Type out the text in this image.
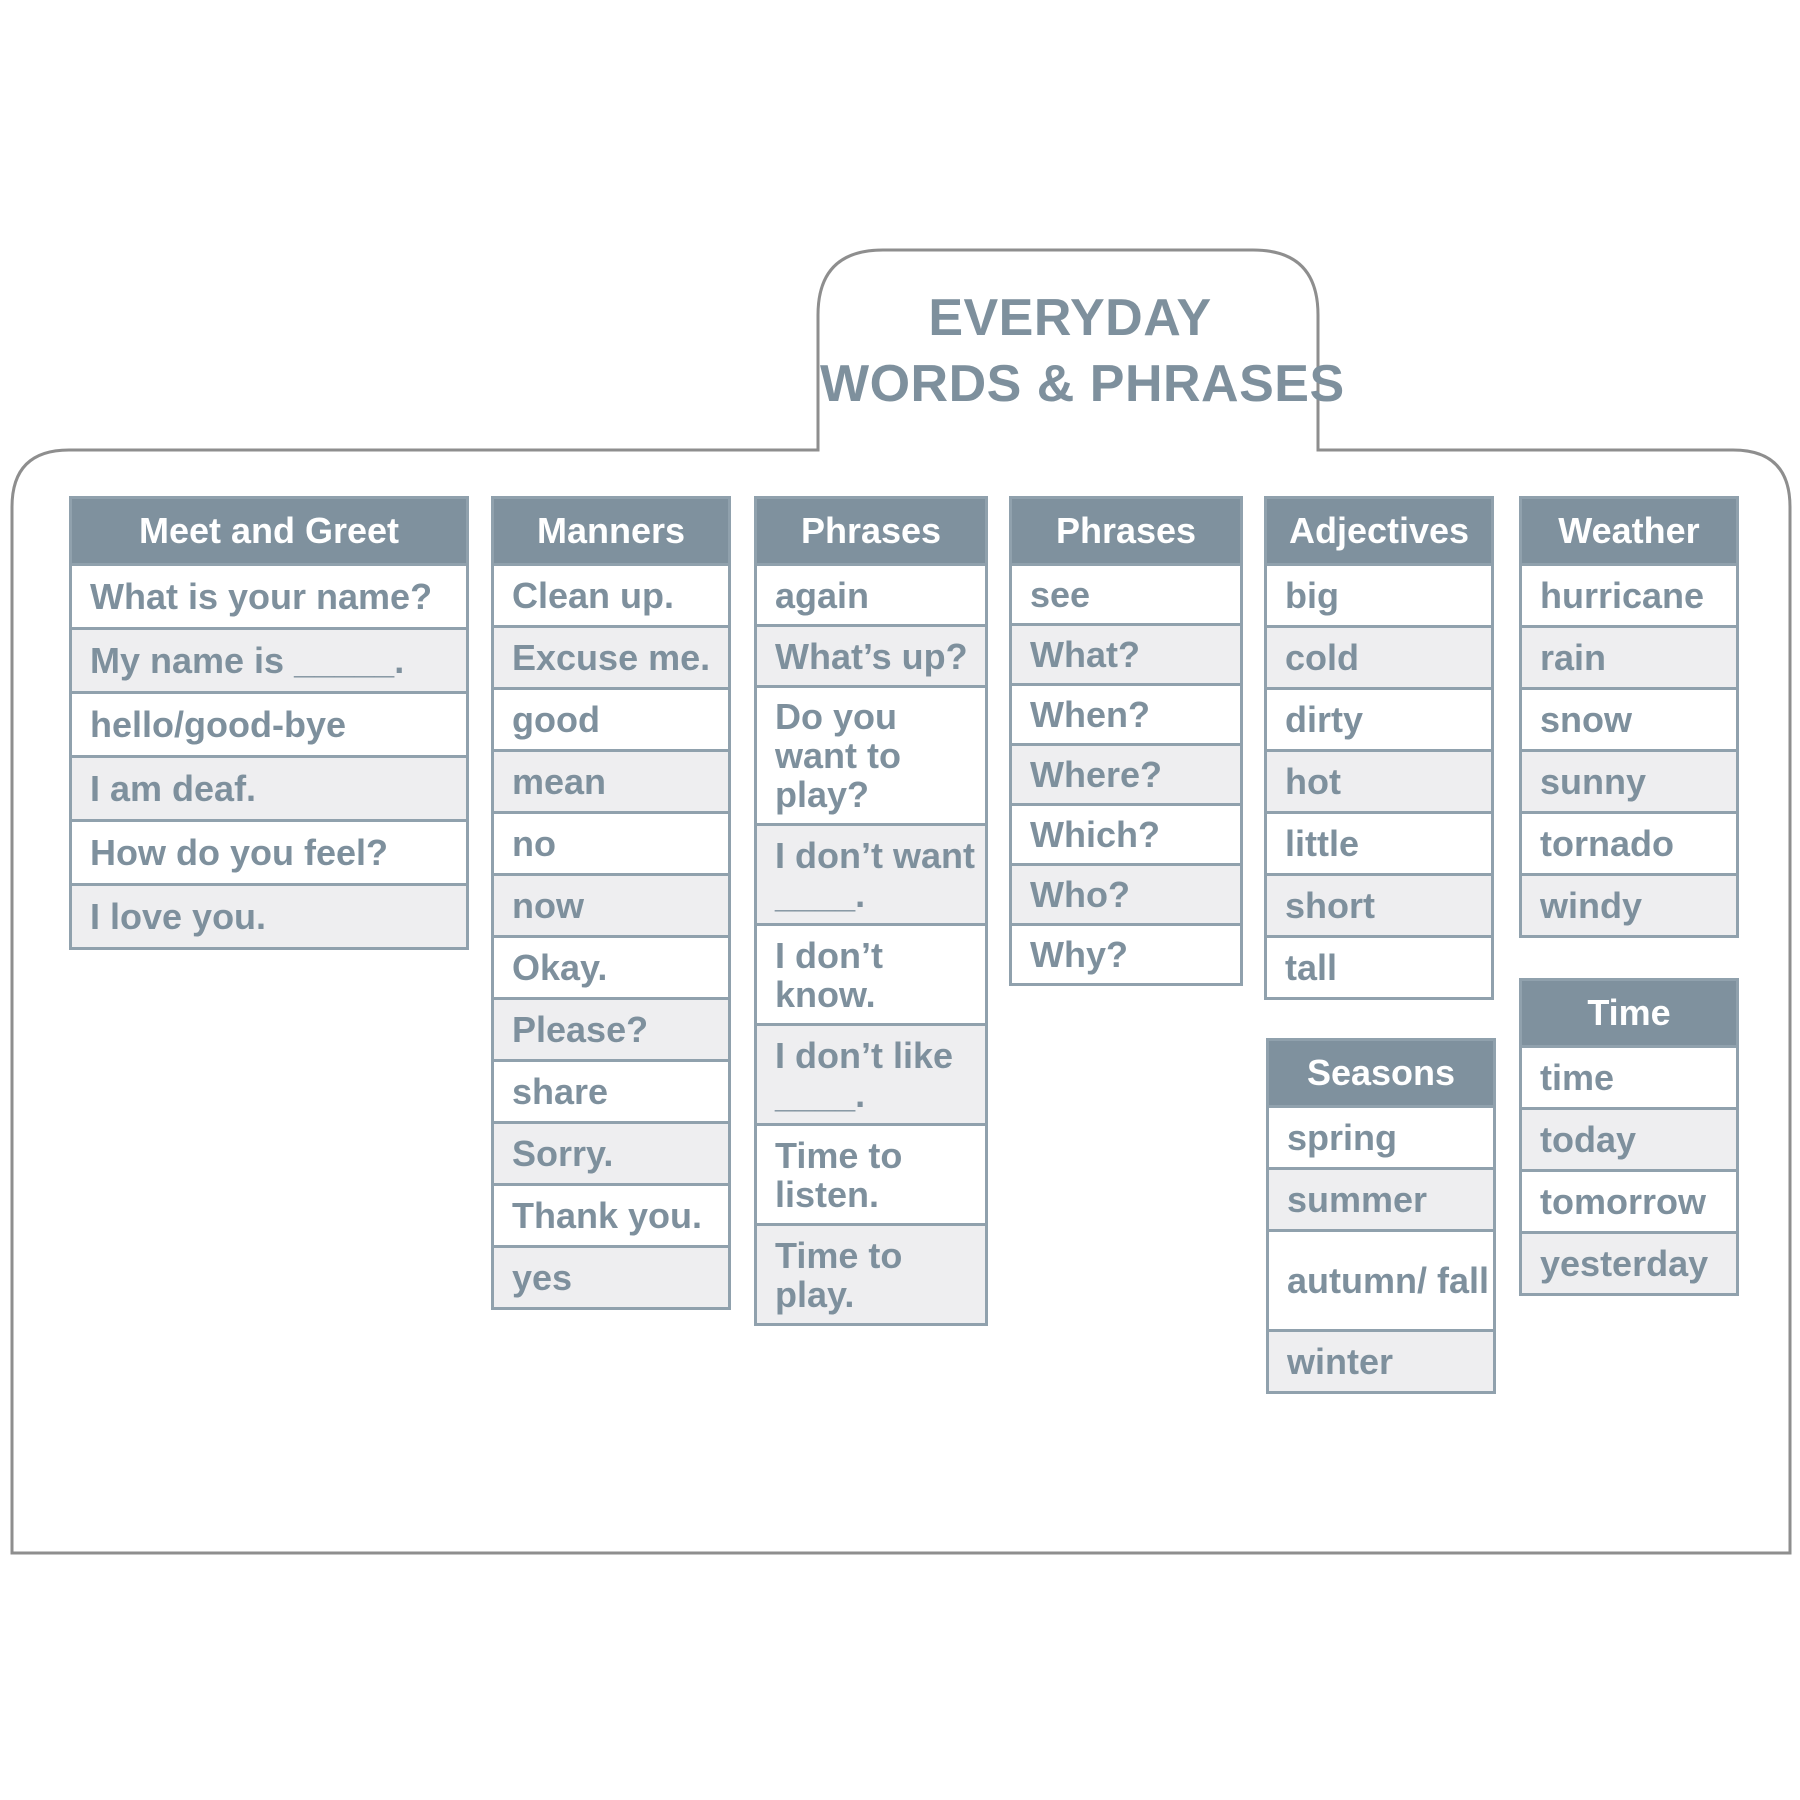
EVERYDAY
WORDS & PHRASES
Meet and Greet
What is your name?
My name is _____.
hello/good-bye
I am deaf.
How do you feel?
I love you.
Manners
Clean up.
Excuse me.
good
mean
no
now
Okay.
Please?
share
Sorry.
Thank you.
yes
Phrases
again
What’s up?
Do you want to play?
I don’t want ____.
I don’t know.
I don’t like ____.
Time to listen.
Time to play.
Phrases
see
What?
When?
Where?
Which?
Who?
Why?
Adjectives
big
cold
dirty
hot
little
short
tall
Seasons
spring
summer
autumn/ fall
winter
Weather
hurricane
rain
snow
sunny
tornado
windy
Time
time
today
tomorrow
yesterday
